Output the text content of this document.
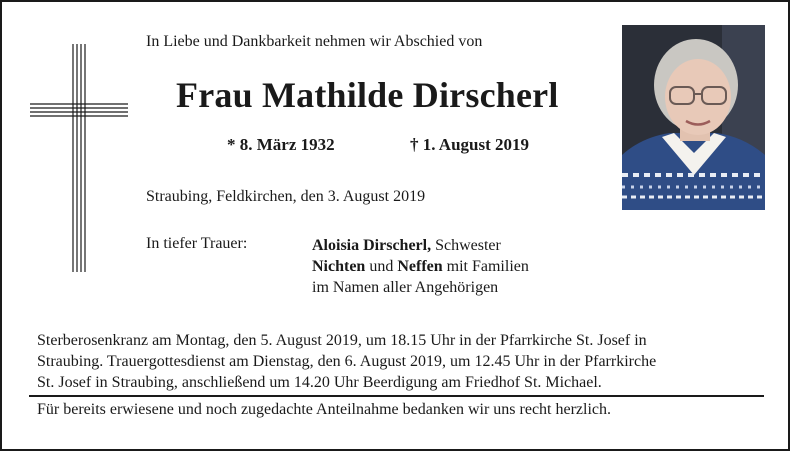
In Liebe und Dankbarkeit nehmen wir Abschied von
Frau Mathilde Dirscherl
* 8. März 1932	† 1. August 2019
Straubing, Feldkirchen, den 3. August 2019
In tiefer Trauer:	Aloisia Dirscherl, Schwester
Nichten und Neffen mit Familien
im Namen aller Angehörigen
Sterberosenkranz am Montag, den 5. August 2019, um 18.15 Uhr in der Pfarrkirche St. Josef in
Straubing. Trauergottesdienst am Dienstag, den 6. August 2019, um 12.45 Uhr in der Pfarrkirche
St. Josef in Straubing, anschließend um 14.20 Uhr Beerdigung am Friedhof St. Michael.
Für bereits erwiesene und noch zugedachte Anteilnahme bedanken wir uns recht herzlich.
